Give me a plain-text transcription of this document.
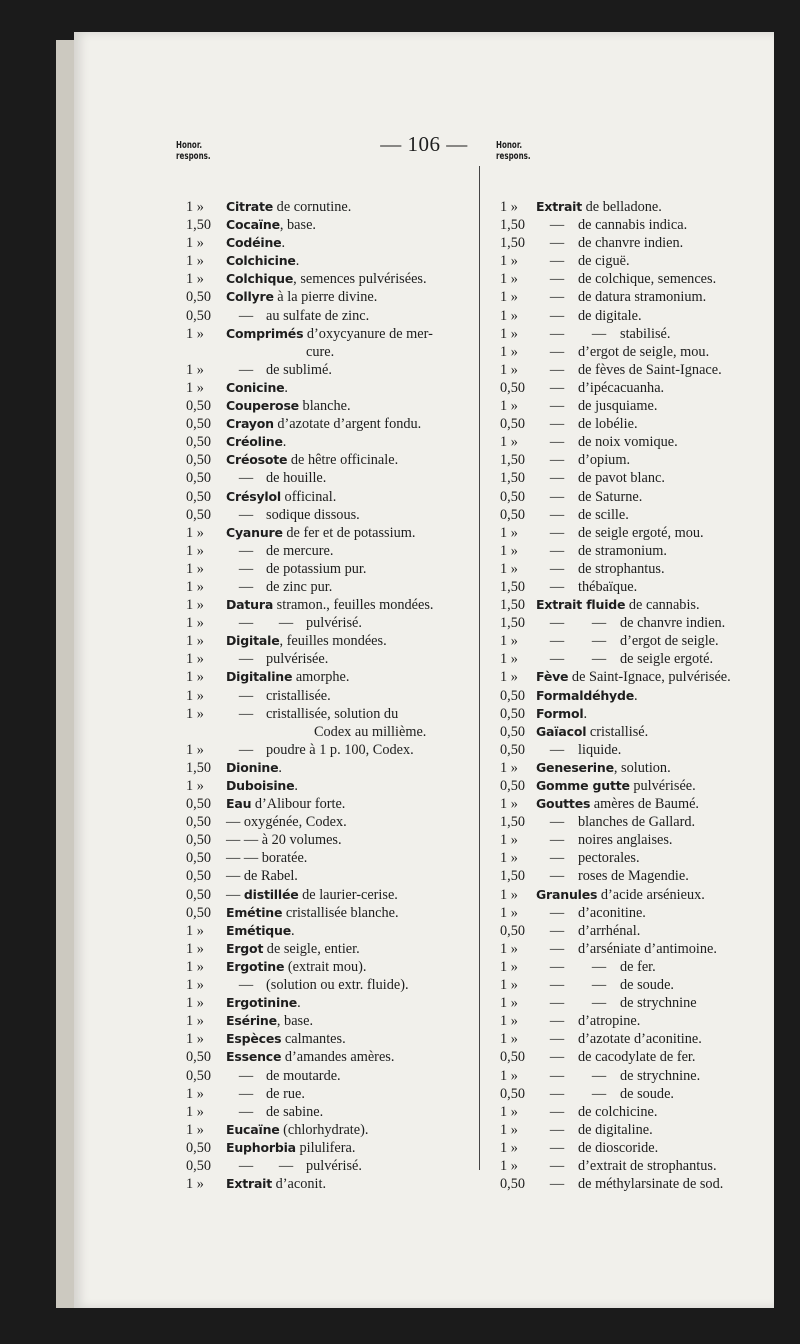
— 106 —
Honor.
respons.
Honor.
respons.
1 » Citrate de cornutine.
1,50 Cocaïne, base.
1 » Codéine.
1 » Colchicine.
1 » Colchique, semences pulvérisées.
0,50 Collyre à la pierre divine.
0,50	— au sulfate de zinc.
1 » Comprimés d’oxycyanure de mer-
cure.
1 »	— de sublimé.
1 » Conicine.
0,50 Couperose blanche.
0,50 Crayon d’azotate d’argent fondu.
0,50 Créoline.
0,50 Créosote de hêtre officinale.
0,50	— de houille.
0,50 Crésylol officinal.
0,50	— sodique dissous.
1 » Cyanure de fer et de potassium.
1 »	— de mercure.
1 »	— de potassium pur.
1 »	— de zinc pur.
1 » Datura stramon., feuilles mondées.
1 »	— — pulvérisé.
1 » Digitale, feuilles mondées.
1 »	— pulvérisée.
1 » Digitaline amorphe.
1 »	— cristallisée.
1 »	— cristallisée, solution du
Codex au millième.
1 »	— poudre à 1 p. 100, Codex.
1,50 Dionine.
1 » Duboisine.
0,50 Eau d’Alibour forte.
0,50 — oxygénée, Codex.
0,50 — — à 20 volumes.
0,50 — — boratée.
0,50 — de Rabel.
0,50 — distillée de laurier-cerise.
0,50 Emétine cristallisée blanche.
1 » Emétique.
1 » Ergot de seigle, entier.
1 » Ergotine (extrait mou).
1 »	— (solution ou extr. fluide).
1 » Ergotinine.
1 » Esérine, base.
1 » Espèces calmantes.
0,50 Essence d’amandes amères.
0,50	— de moutarde.
1 »	— de rue.
1 »	— de sabine.
1 » Eucaïne (chlorhydrate).
0,50 Euphorbia pilulifera.
0,50	— — pulvérisé.
1 » Extrait d’aconit.
1 » Extrait de belladone.
1,50	— de cannabis indica.
1,50	— de chanvre indien.
1 »	— de ciguë.
1 »	— de colchique, semences.
1 »	— de datura stramonium.
1 »	— de digitale.
1 »	— — stabilisé.
1 »	— d’ergot de seigle, mou.
1 »	— de fèves de Saint-Ignace.
0,50	— d’ipécacuanha.
1 »	— de jusquiame.
0,50	— de lobélie.
1 »	— de noix vomique.
1,50	— d’opium.
1,50	— de pavot blanc.
0,50	— de Saturne.
0,50	— de scille.
1 »	— de seigle ergoté, mou.
1 »	— de stramonium.
1 »	— de strophantus.
1,50	— thébaïque.
1,50 Extrait fluide de cannabis.
1,50	— — de chanvre indien.
1 »	— — d’ergot de seigle.
1 »	— — de seigle ergoté.
1 » Fève de Saint-Ignace, pulvérisée.
0,50 Formaldéhyde.
0,50 Formol.
0,50 Gaïacol cristallisé.
0,50	— liquide.
1 » Geneserine, solution.
0,50 Gomme gutte pulvérisée.
1 » Gouttes amères de Baumé.
1,50	— blanches de Gallard.
1 »	— noires anglaises.
1 »	— pectorales.
1,50	— roses de Magendie.
1 » Granules d’acide arsénieux.
1 »	— d’aconitine.
0,50	— d’arrhénal.
1 »	— d’arséniate d’antimoine.
1 »	— — de fer.
1 »	— — de soude.
1 »	— — de strychnine
1 »	— d’atropine.
1 »	— d’azotate d’aconitine.
0,50	— de cacodylate de fer.
1 »	— — de strychnine.
0,50	— — de soude.
1 »	— de colchicine.
1 »	— de digitaline.
1 »	— de dioscoride.
1 »	— d’extrait de strophantus.
0,50	— de méthylarsinate de sod.
